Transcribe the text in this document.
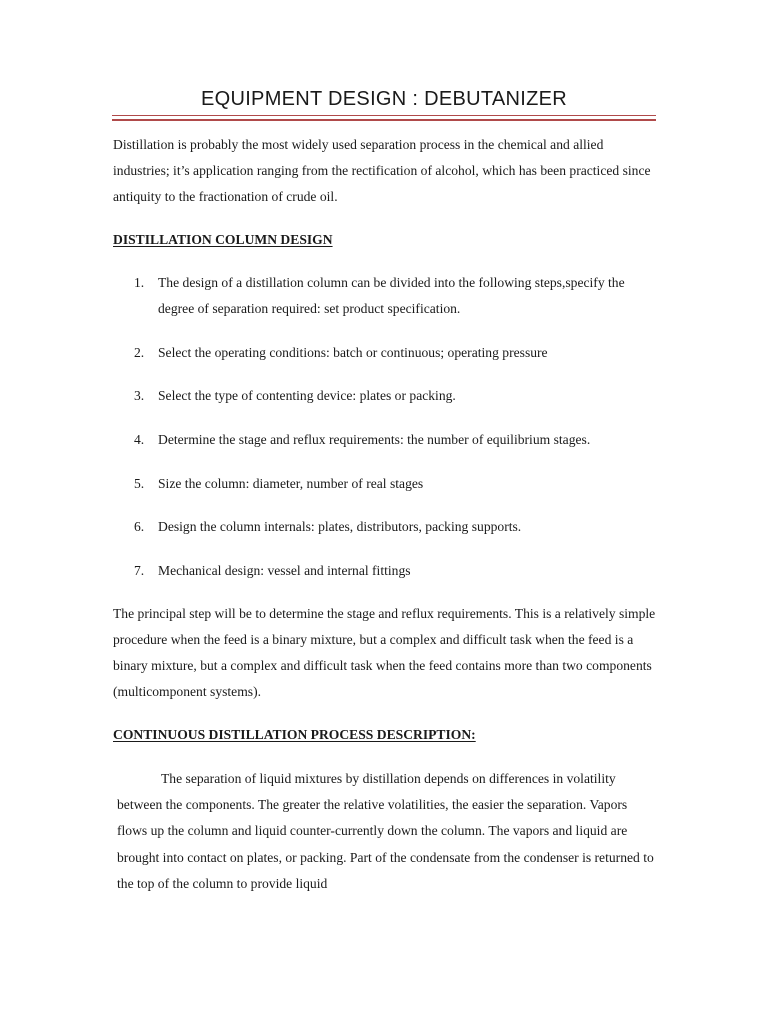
EQUIPMENT DESIGN : DEBUTANIZER

Distillation is probably the most widely used separation process in the chemical and allied industries; it’s application ranging from the rectification of alcohol, which has been practiced since antiquity to the fractionation of crude oil.

DISTILLATION COLUMN DESIGN

1.	The design of a distillation column can be divided into the following steps,specify the degree of separation required: set product specification.
2.	Select the operating conditions: batch or continuous; operating pressure
3.	Select the type of contenting device: plates or packing.
4.	Determine the stage and reflux requirements: the number of equilibrium stages.
5.	Size the column: diameter, number of real stages
6.	Design the column internals: plates, distributors, packing supports.
7.	Mechanical design: vessel and internal fittings

The principal step will be to determine the stage and reflux requirements. This is a relatively simple procedure when the feed is a binary mixture, but a complex and difficult task when the feed is a binary mixture, but a complex and difficult task when the feed contains more than two components (multicomponent systems).

CONTINUOUS DISTILLATION PROCESS DESCRIPTION:

The separation of liquid mixtures by distillation depends on differences in volatility between the components. The greater the relative volatilities, the easier the separation. Vapors flows up the column and liquid counter-currently down the column. The vapors and liquid are brought into contact on plates, or packing. Part of the condensate from the condenser is returned to the top of the column to provide liquid
